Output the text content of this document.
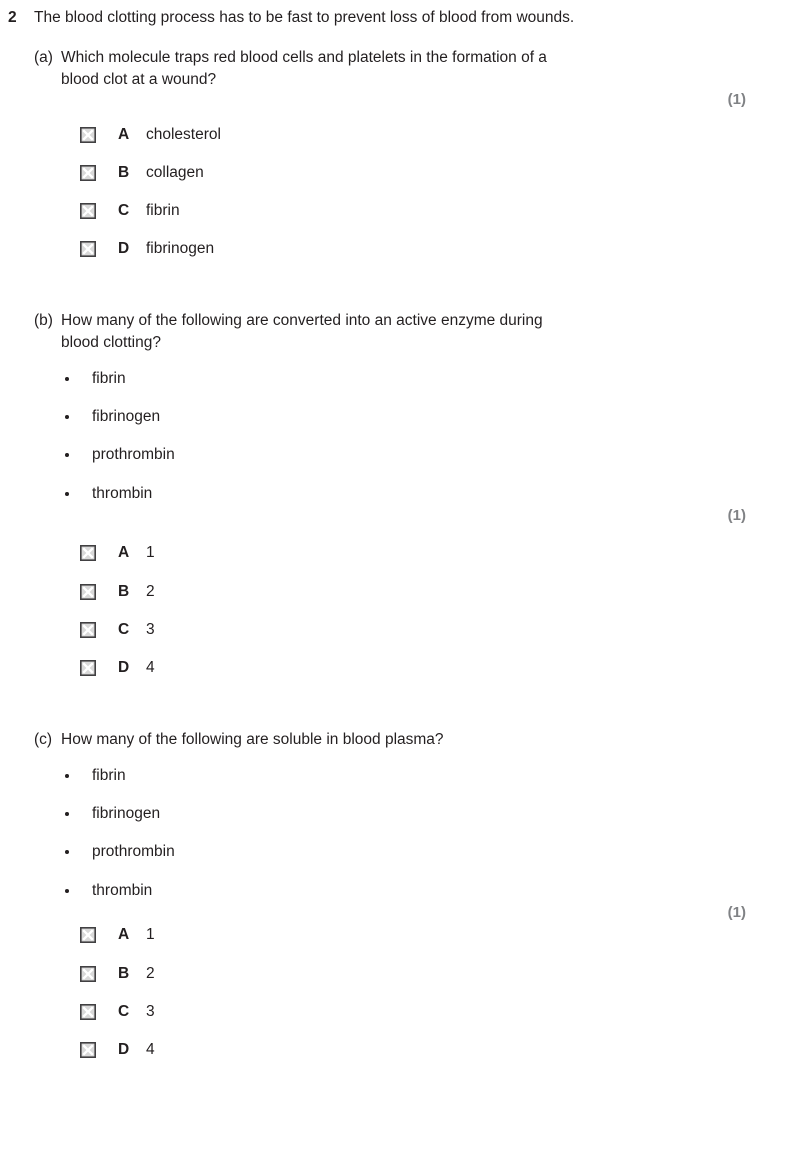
2 The blood clotting process has to be fast to prevent loss of blood from wounds.
(a) Which molecule traps red blood cells and platelets in the formation of a
blood clot at a wound?
(1)
A cholesterol
B collagen
C fibrin
D fibrinogen
(b) How many of the following are converted into an active enzyme during
blood clotting?
fibrin
fibrinogen
prothrombin
thrombin
(1)
A 1
B 2
C 3
D 4
(c) How many of the following are soluble in blood plasma?
fibrin
fibrinogen
prothrombin
thrombin
(1)
A 1
B 2
C 3
D 4
